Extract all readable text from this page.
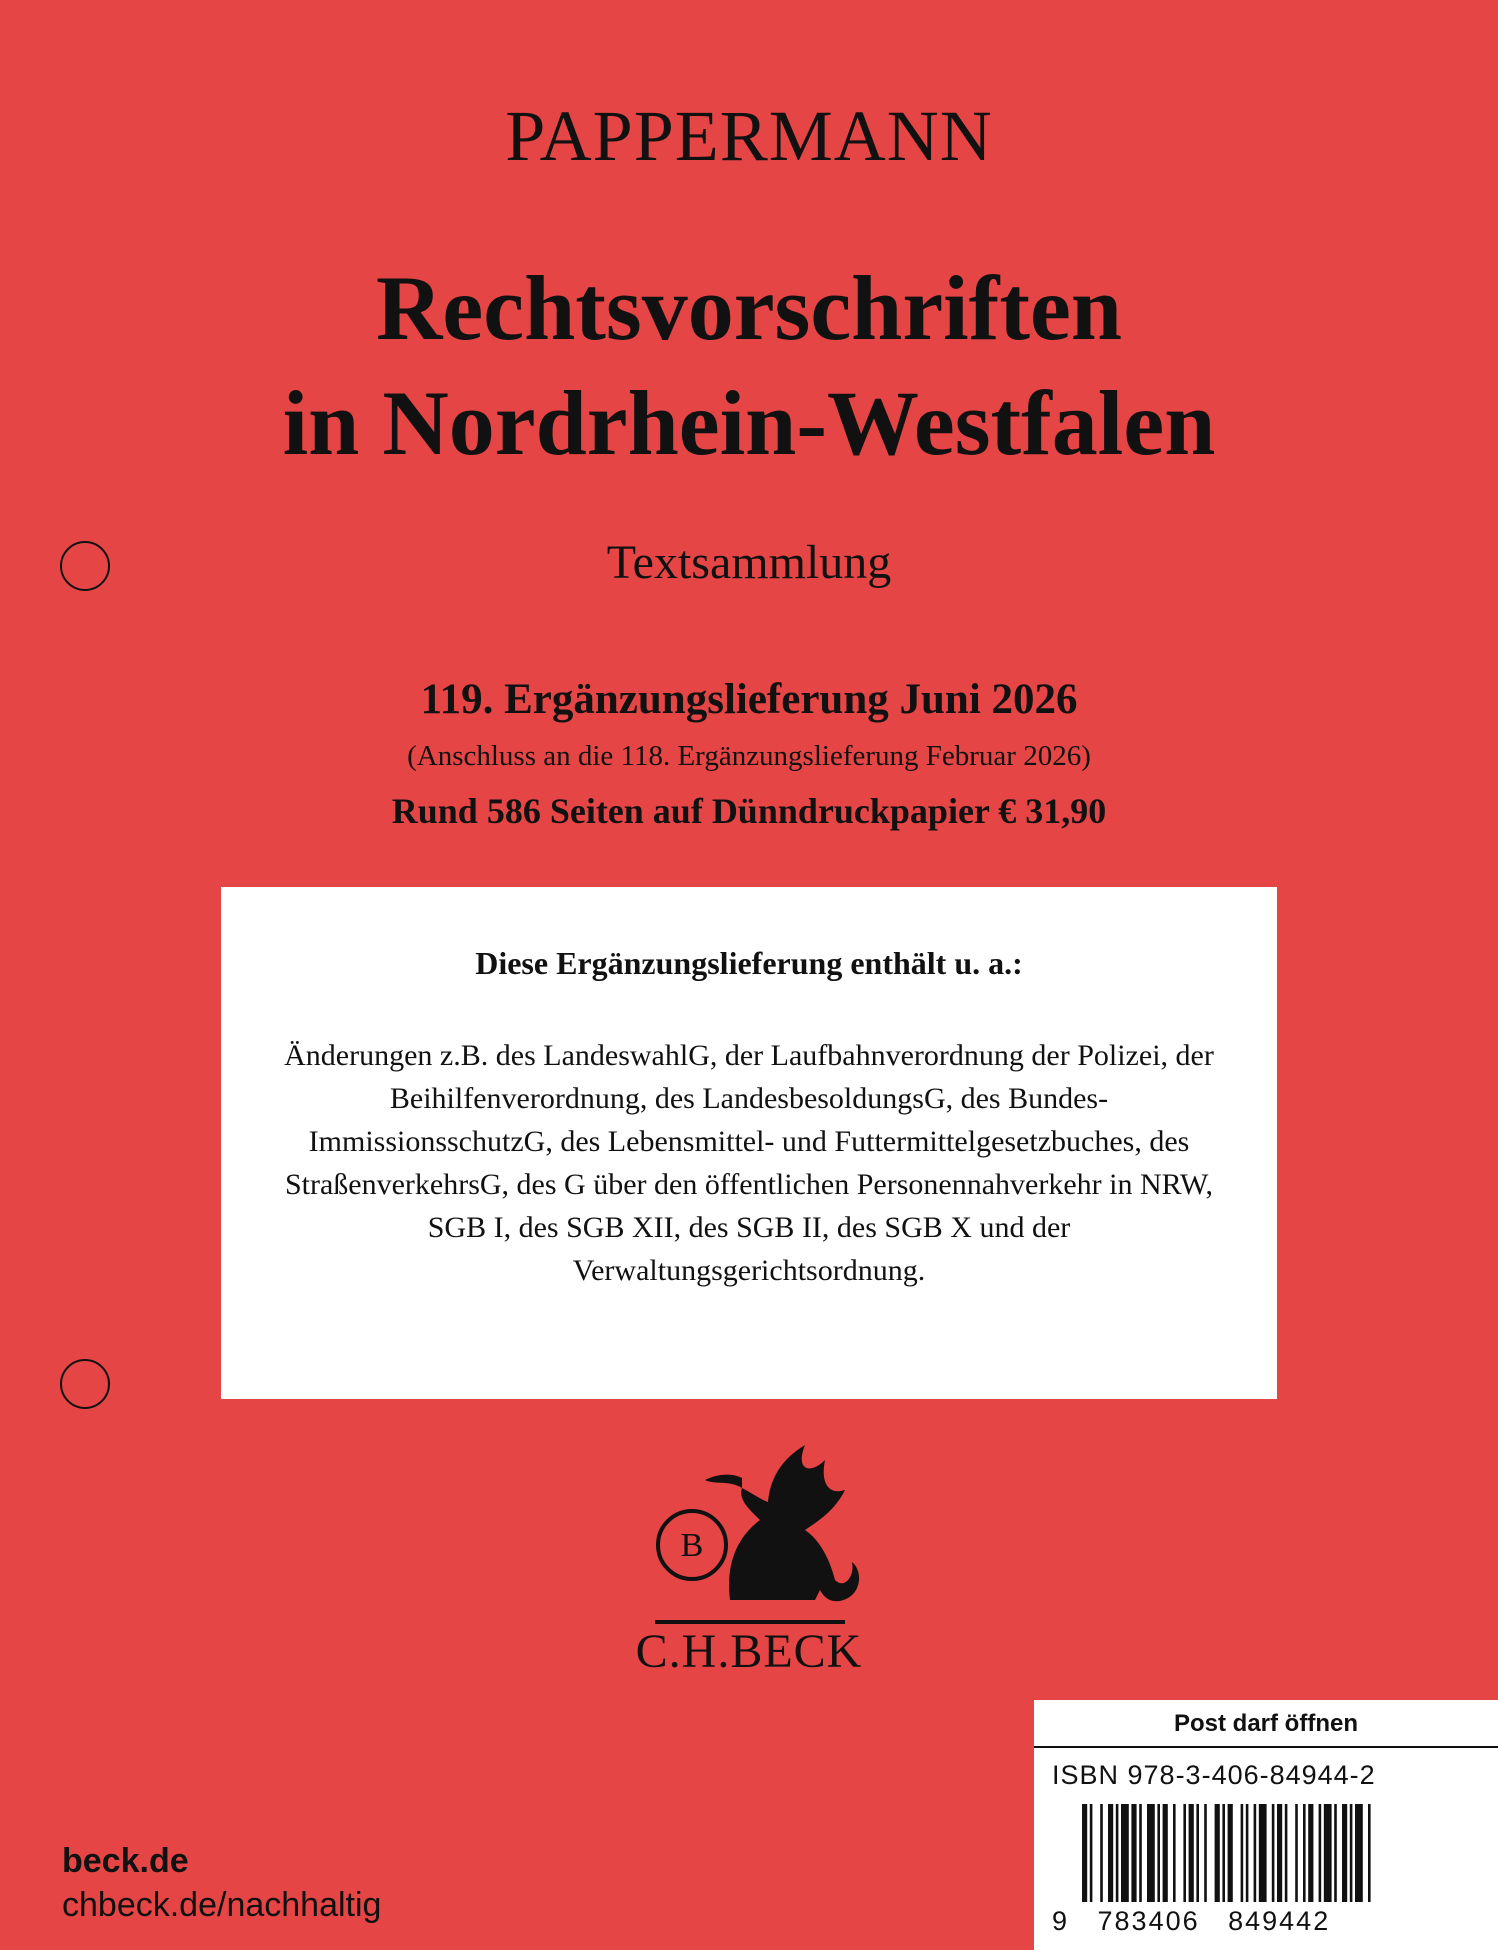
PAPPERMANN
Rechtsvorschriften
in Nordrhein-Westfalen
Textsammlung
119. Ergänzungslieferung Juni 2026
(Anschluss an die 118. Ergänzungslieferung Februar 2026)
Rund 586 Seiten auf Dünndruckpapier € 31,90
Diese Ergänzungslieferung enthält u. a.:
Änderungen z.B. des LandeswahlG, der Laufbahnverordnung der Polizei, der Beihilfenverordnung, des LandesbesoldungsG, des Bundes-ImmissionsschutzG, des Lebensmittel- und Futtermittelgesetzbuches, des StraßenverkehrsG, des G über den öffentlichen Personennahverkehr in NRW, SGB I, des SGB XII, des SGB II, des SGB X und der Verwaltungsgerichtsordnung.
B
C.H.BECK
beck.de
chbeck.de/nachhaltig
Post darf öffnen
ISBN 978-3-406-84944-2
9   783406   849442
